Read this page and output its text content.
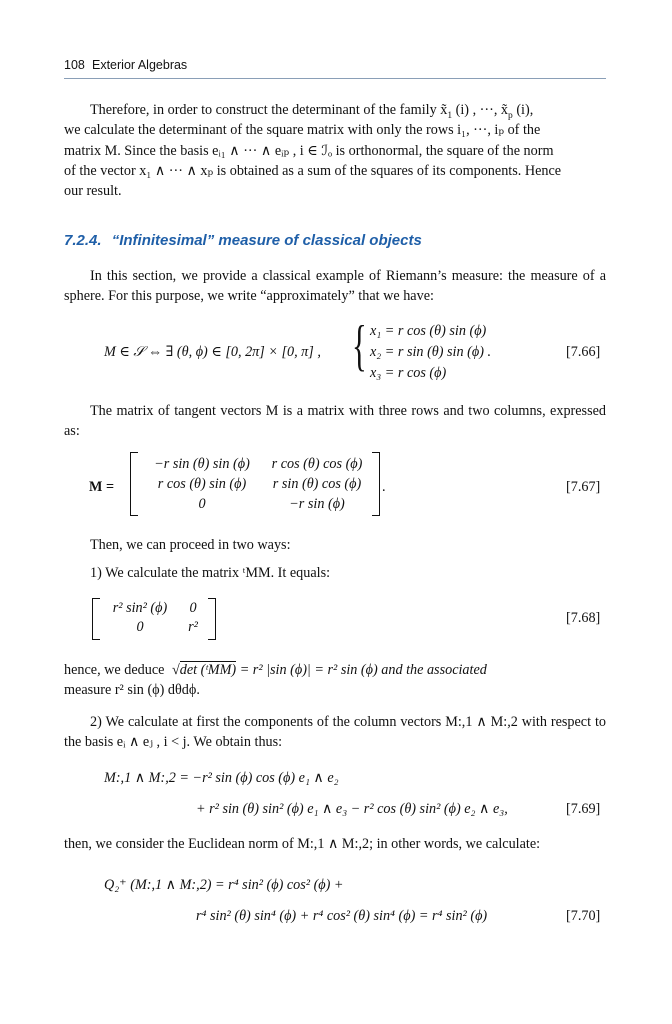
108 Exterior Algebras
Therefore, in order to construct the determinant of the family $x̃_1$ (i) , ···, $x̃_p$ (i),
we calculate the determinant of the square matrix with only the rows i₁, ···, iₚ of the
matrix M. Since the basis eᵢ₁ ∧ ··· ∧ eᵢₚ , i ∈ ℐₒ is orthonormal, the square of the norm
of the vector x₁ ∧ ··· ∧ xₚ is obtained as a sum of the squares of its components. Hence
our result.
7.2.4. “Infinitesimal” measure of classical objects
In this section, we provide a classical example of Riemann’s measure: the measure of a sphere. For this purpose, we write “approximately” that we have:
M ∈ 𝒮 ⇔ ∃ (θ, ϕ) ∈ [0, 2π] × [0, π] , { x₁ = r cos (θ) sin (ϕ)
x₂ = r sin (θ) sin (ϕ) .
x₃ = r cos (ϕ)
[7.66]
The matrix of tangent vectors M is a matrix with three rows and two columns, expressed as:
M =
−r sin (θ) sin (ϕ)	r cos (θ) cos (ϕ)
r cos (θ) sin (ϕ)	r sin (θ) cos (ϕ)
0	−r sin (ϕ)
.	[7.67]
Then, we can proceed in two ways:
1) We calculate the matrix ᵗMM. It equals:
r² sin² (ϕ)	0
0	r²
[7.68]
hence, we deduce √det (ᵗMM) = r² |sin (ϕ)| = r² sin (ϕ) and the associated
measure r² sin (ϕ) dθdϕ.
2) We calculate at first the components of the column vectors M:,1 ∧ M:,2 with respect to the basis eᵢ ∧ eⱼ , i < j. We obtain thus:
M:,1 ∧ M:,2 = −r² sin (ϕ) cos (ϕ) e₁ ∧ e₂
+ r² sin (θ) sin² (ϕ) e₁ ∧ e₃ − r² cos (θ) sin² (ϕ) e₂ ∧ e₃,	[7.69]
then, we consider the Euclidean norm of M:,1 ∧ M:,2; in other words, we calculate:
Q₂⁺ (M:,1 ∧ M:,2) = r⁴ sin² (ϕ) cos² (ϕ) +
r⁴ sin² (θ) sin⁴ (ϕ) + r⁴ cos² (θ) sin⁴ (ϕ) = r⁴ sin² (ϕ)	[7.70]
